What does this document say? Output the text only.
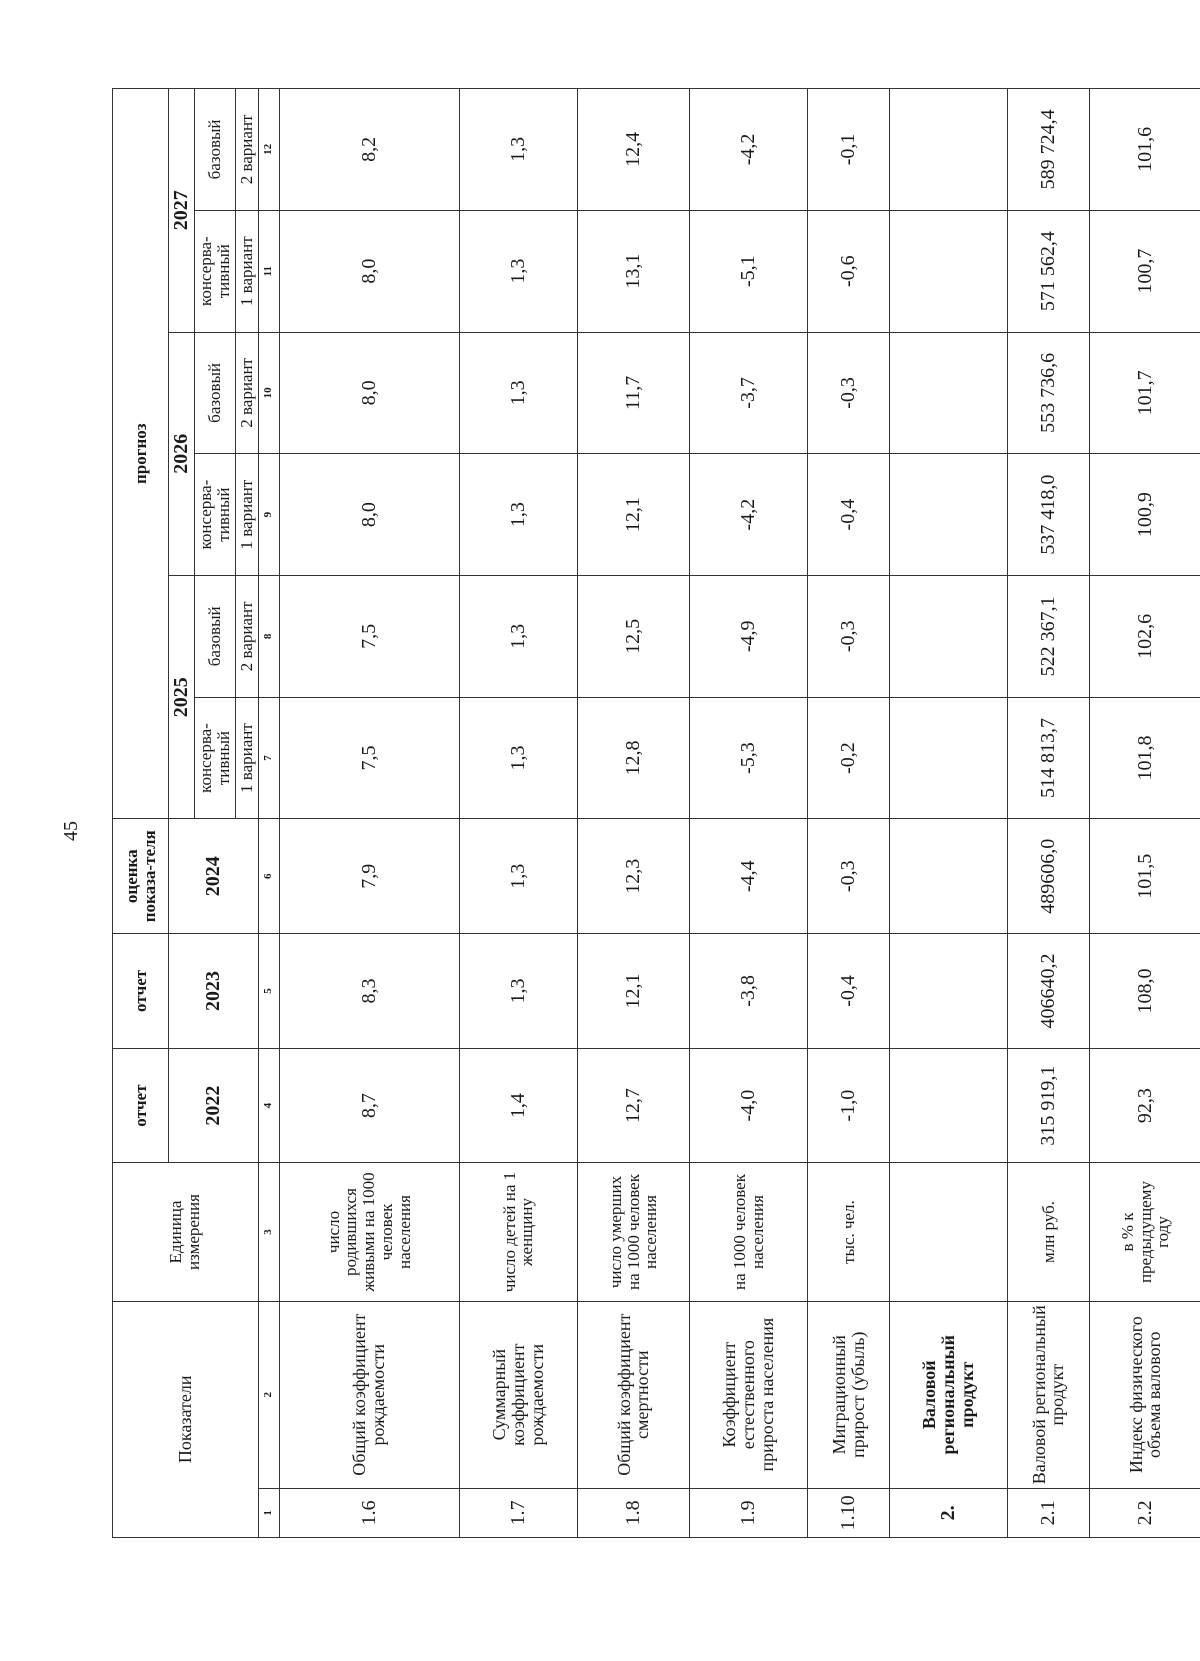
45
Показатели		Единица измерения	отчет	отчет	оценка показа-теля	прогноз					
			2022	2023	2024	2025		2026		2027	
						консерва-тивный	базовый	консерва-тивный	базовый	консерва-тивный	базовый
						1 вариант	2 вариант	1 вариант	2 вариант	1 вариант	2 вариант
1	2	3	4	5	6	7	8	9	10	11	12
1.6	Общий коэффициент рождаемости	число родившихся живыми на 1000 человек населения	8,7	8,3	7,9	7,5	7,5	8,0	8,0	8,0	8,2
1.7	Суммарный коэффициент рождаемости	число детей на 1 женщину	1,4	1,3	1,3	1,3	1,3	1,3	1,3	1,3	1,3
1.8	Общий коэффициент смертности	число умерших на 1000 человек населения	12,7	12,1	12,3	12,8	12,5	12,1	11,7	13,1	12,4
1.9	Коэффициент естественного прироста населения	на 1000 человек населения	-4,0	-3,8	-4,4	-5,3	-4,9	-4,2	-3,7	-5,1	-4,2
1.10	Миграционный прирост (убыль)	тыс. чел.	-1,0	-0,4	-0,3	-0,2	-0,3	-0,4	-0,3	-0,6	-0,1
2.	Валовой региональный продукт										
2.1	Валовой региональный продукт	млн руб.	315 919,1	406640,2	489606,0	514 813,7	522 367,1	537 418,0	553 736,6	571 562,4	589 724,4
2.2	Индекс физического объема валового	в % к предыдущему году	92,3	108,0	101,5	101,8	102,6	100,9	101,7	100,7	101,6
